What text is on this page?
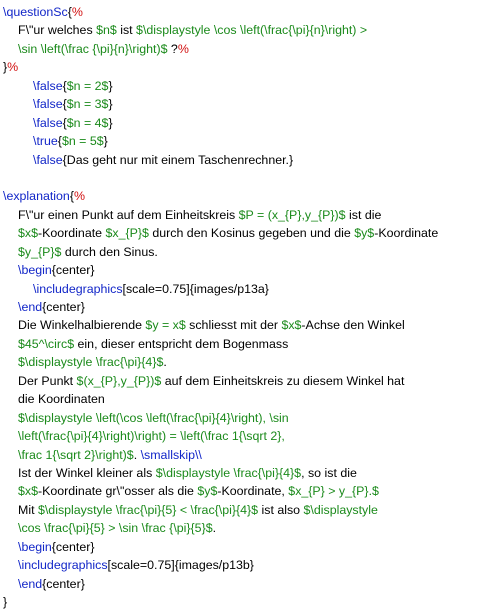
\questionSc{%
F\"ur welches $n$ ist $\displaystyle \cos \left(\frac{\pi}{n}\right) >
\sin \left(\frac {\pi}{n}\right)$ ?%
}%
\false{$n = 2$}
\false{$n = 3$}
\false{$n = 4$}
\true{$n = 5$}
\false{Das geht nur mit einem Taschenrechner.}
\explanation{%
F\"ur einen Punkt auf dem Einheitskreis $P = (x_{P},y_{P})$ ist die
$x$-Koordinate $x_{P}$ durch den Kosinus gegeben und die $y$-Koordinate
$y_{P}$ durch den Sinus.
\begin{center}
\includegraphics[scale=0.75]{images/p13a}
\end{center}
Die Winkelhalbierende $y = x$ schliesst mit der $x$-Achse den Winkel
$45^\circ$ ein, dieser entspricht dem Bogenmass
$\displaystyle \frac{\pi}{4}$.
Der Punkt $(x_{P},y_{P})$ auf dem Einheitskreis zu diesem Winkel hat
die Koordinaten
$\displaystyle \left(\cos \left(\frac{\pi}{4}\right), \sin
\left(\frac{\pi}{4}\right)\right) = \left(\frac 1{\sqrt 2},
\frac 1{\sqrt 2}\right)$. \smallskip\\
Ist der Winkel kleiner als $\displaystyle \frac{\pi}{4}$, so ist die
$x$-Koordinate gr\"osser als die $y$-Koordinate, $x_{P} > y_{P}.$
Mit $\displaystyle \frac{\pi}{5} < \frac{\pi}{4}$ ist also $\displaystyle
\cos \frac{\pi}{5} > \sin \frac {\pi}{5}$.
\begin{center}
\includegraphics[scale=0.75]{images/p13b}
\end{center}
}
